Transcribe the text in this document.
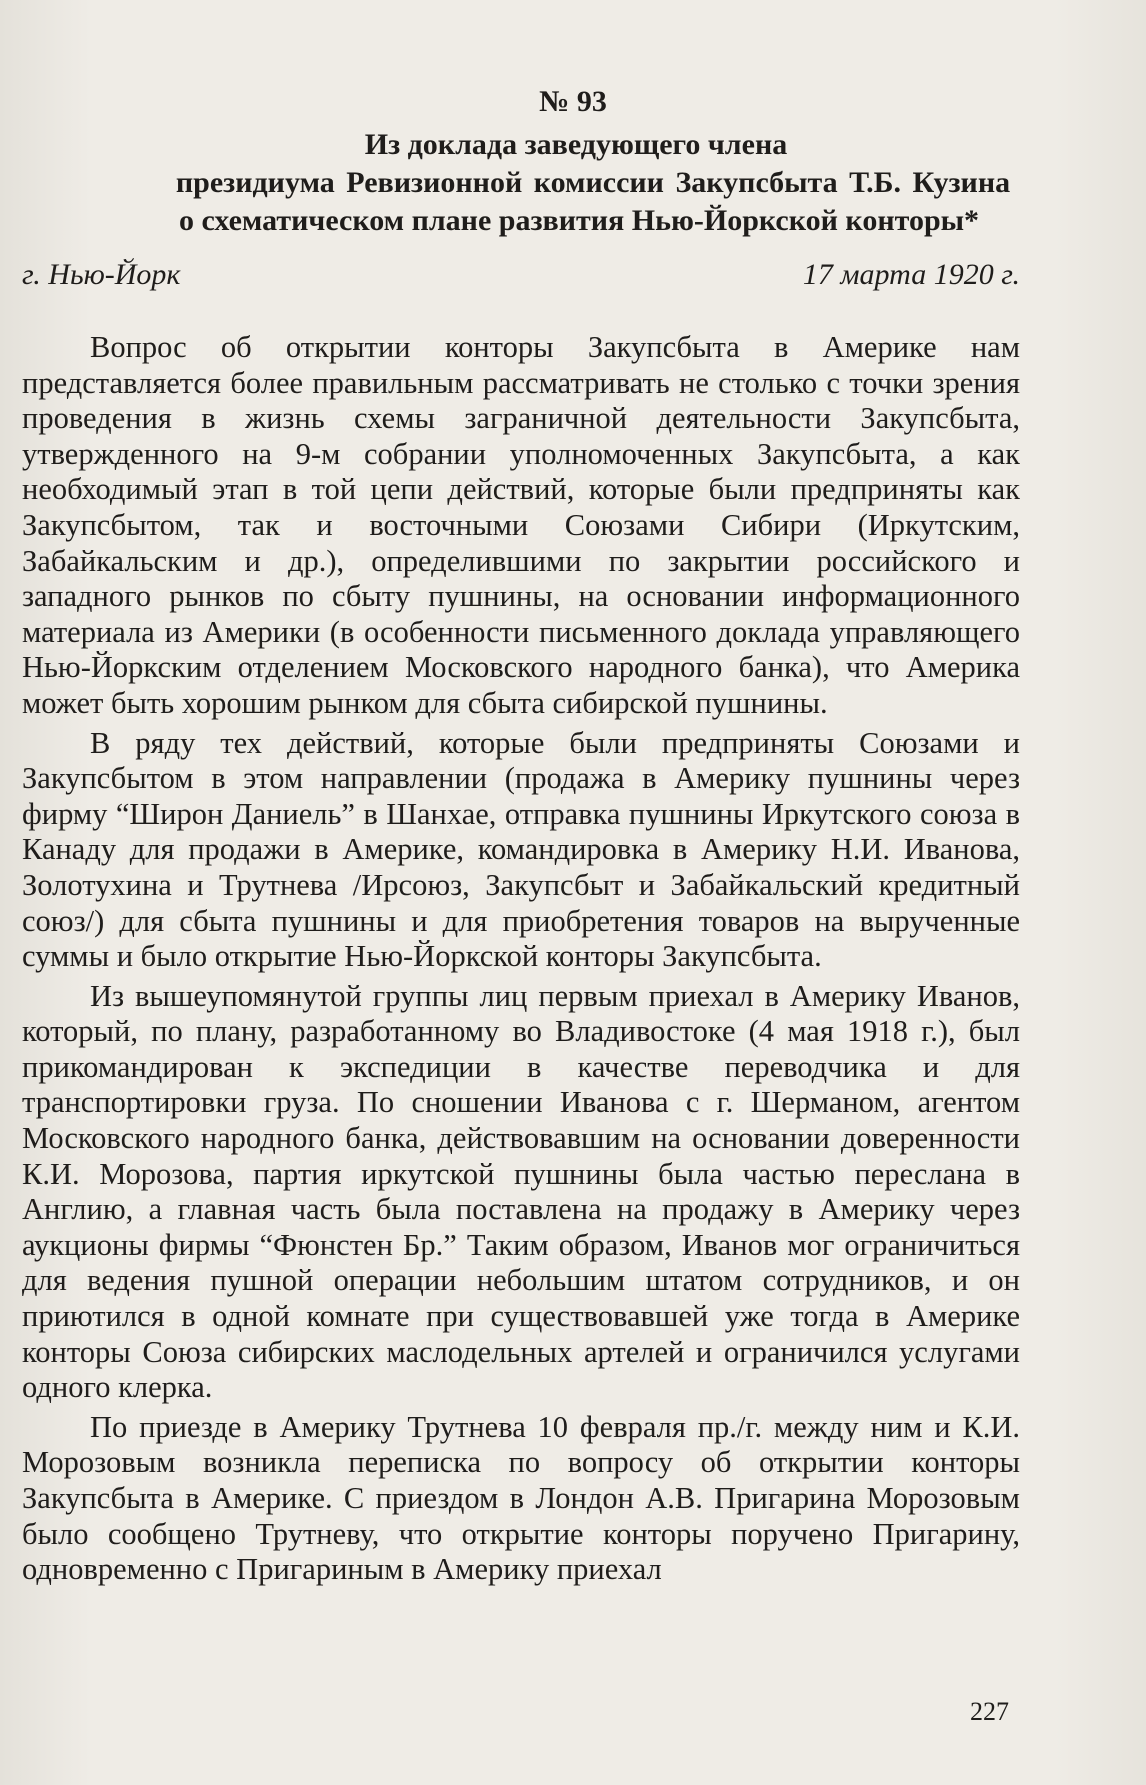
№ 93
Из доклада заведующего члена
президиума Ревизионной комиссии Закупсбыта Т.Б. Кузина
о схематическом плане развития Нью-Йоркской конторы*
г. Нью-Йорк	17 марта 1920 г.

Вопрос об открытии конторы Закупсбыта в Америке нам представляется более правильным рассматривать не столько с точки зрения проведения в жизнь схемы заграничной деятельности Закупсбыта, утвержденного на 9-м собрании уполномоченных Закупсбыта, а как необходимый этап в той цепи действий, которые были предприняты как Закупсбытом, так и восточными Союзами Сибири (Иркутским, Забайкальским и др.), определившими по закрытии российского и западного рынков по сбыту пушнины, на основании информационного материала из Америки (в особенности письменного доклада управляющего Нью-Йоркским отделением Московского народного банка), что Америка может быть хорошим рынком для сбыта сибирской пушнины.

В ряду тех действий, которые были предприняты Союзами и Закупсбытом в этом направлении (продажа в Америку пушнины через фирму “Широн Даниель” в Шанхае, отправка пушнины Иркутского союза в Канаду для продажи в Америке, командировка в Америку Н.И. Иванова, Золотухина и Трутнева /Ирсоюз, Закупсбыт и Забайкальский кредитный союз/) для сбыта пушнины и для приобретения товаров на вырученные суммы и было открытие Нью-Йоркской конторы Закупсбыта.

Из вышеупомянутой группы лиц первым приехал в Америку Иванов, который, по плану, разработанному во Владивостоке (4 мая 1918 г.), был прикомандирован к экспедиции в качестве переводчика и для транспортировки груза. По сношении Иванова с г. Шерманом, агентом Московского народного банка, действовавшим на основании доверенности К.И. Морозова, партия иркутской пушнины была частью переслана в Англию, а главная часть была поставлена на продажу в Америку через аукционы фирмы “Фюнстен Бр.” Таким образом, Иванов мог ограничиться для ведения пушной операции небольшим штатом сотрудников, и он приютился в одной комнате при существовавшей уже тогда в Америке конторы Союза сибирских маслодельных артелей и ограничился услугами одного клерка.

По приезде в Америку Трутнева 10 февраля пр./г. между ним и К.И. Морозовым возникла переписка по вопросу об открытии конторы Закупсбыта в Америке. С приездом в Лондон А.В. Пригарина Морозовым было сообщено Трутневу, что открытие конторы поручено Пригарину, одновременно с Пригариным в Америку приехал

227
